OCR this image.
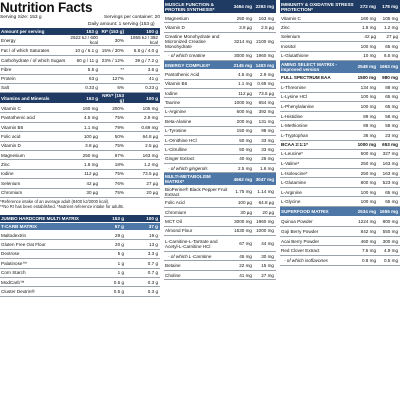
Nutrition Facts
Serving Size: 153 g	Servings per container: 20
Daily amount: 1 serving (153 g)
Amount per serving	153 g RI* (153 g)	100 g
Energy	2522 kJ / 600 kcal	30%	1655 kJ / 392 kcal
Fat / of which Saturates	10 g / 6.1 g 15% / 30%	6.8 g / 4.0 g
Carbohydrate / of which Sugars	60 g / 11 g 23% / 12%	39 g / 7.2 g
Fibre	5.5 g	**	3.6 g
Protein	63 g	127%	41 g
Salt	0.33 g	6%	0.23 g
Vitamins and Minerals	153 g NRV* (153 g)	100 g
Vitamin C	160 mg	200%	105 mg
Pantothenic acid	4.5 mg	75%	2.9 mg
Vitamin B6	1.1 mg	79%	0.69 mg
Folic acid	100 µg	50%	64.8 µg
Vitamin D	3.8 µg	75%	2.5 µg
Magnesium	250 mg	67%	163 mg
Zinc	1.8 mg	18%	1.2 mg
Iodine	112 µg	75%	73.5 µg
Selenium	42 µg	76%	27 µg
Chromium	30 µg	75%	20 µg
*Reference intake of an average adult (8400 kJ/2000 kcal).
**No RI has been established. *Nutrient reference intake for adults.
JUMBO HARDCORE MULTI MATRIX	153 g	100 g
T-CARB MATRIX	57 g	37 g
Maltodextrin	29 g	19 g
Gluten Free Oat Flour	20 g	13 g
Dextrose	5 g	3.3 g
Palatinose™	1 g	0.7 g
Corn Starch	1 g	0.7 g
ModCarb™	0.5 g	0.3 g
Cluster Dextrin®	0.5 g	0.3 g
MUSCLE FUNCTION & PROTEIN SYNTHESIS*	3464 mg 2263 mg
Magnesium	250 mg	163 mg
Vitamin D	3.8 µg	2.5 µg
Creatine Monohydrate and Micronized Creatine Monohydrate
3214 mg 2100 mg
- of which creatine	3000 mg 1960 mg
ENERGY COMPLEX*	2145 mg 1403 mg
Pantothenic Acid	4.5 mg	2.9 mg
Vitamin B6	1.1 mg	0.69 mg
Iodine	112 µg	73.5 µg
Taurine	1000 mg	654 mg
L-Arginine	600 mg	392 mg
Beta-Alanine	200 mg	131 mg
L-Tyrosine	150 mg	98 mg
L-Ornithine HCl	50 mg	33 mg
L-Citrulline	50 mg	33 mg
Ginger Extract	40 mg	26 mg
- of which gingerols	2.5 mg	1.6 mg
MULTI-METABOLISM MATRIX*	4662 mg 3047 mg
BioPerine® Black Pepper Fruit Extract	1.75 mg	1.14 mg
Folic Acid	100 µg	64.8 µg
Chromium	30 µg	20 µg
MCT Oil	3000 mg 1960 mg
Almond Flour	1530 mg 1000 mg
L-Carnitine-L-Tartrate and Acetyl-L-Carnitine HCl	67 mg	44 mg
- of which L-Carnitine	45 mg	30 mg
Betaine	22 mg	15 mg
Choline	41 mg	27 mg
IMMUNITY & OXIDATIVE STRESS PROTECTION*	272 mg	178 mg
Vitamin C	160 mg	105 mg
Zinc	1.8 mg	1.2 mg
Selenium	42 µg	27 µg
Inositol	100 mg	65 mg
L-Glutathione	10 mg	6.5 mg
AMINO SELECT MATRIX - improved version	2548 mg 1663 mg
FULL SPECTRUM EAA	1500 mg	980 mg
L-Threonine	134 mg	88 mg
L-Lysine HCl	100 mg	65 mg
L-Phenylalanine	100 mg	65 mg
L-Histidine	89 mg	58 mg
L-Methionine	89 mg	58 mg
L-Tryptophan	36 mg	23 mg
BCAA 2:1:1*	1000 mg	653 mg
L-Leucine*	500 mg	327 mg
L-Valine*	250 mg	163 mg
L-Isoleucine*	250 mg	163 mg
L-Glutamine	800 mg	523 mg
L-Arginine	100 mg	65 mg
L-Glycine	100 mg	65 mg
SUPERFOOD MATRIX	2534 mg 1655 mg
Quinoa Powder	1224 mg	800 mg
Goji Berry Powder	842 mg	550 mg
Acai Berry Powder	460 mg	300 mg
Red Clover Extract	7.5 mg	4.9 mg
- of which isoflavones	0.8 mg	0.5 mg
